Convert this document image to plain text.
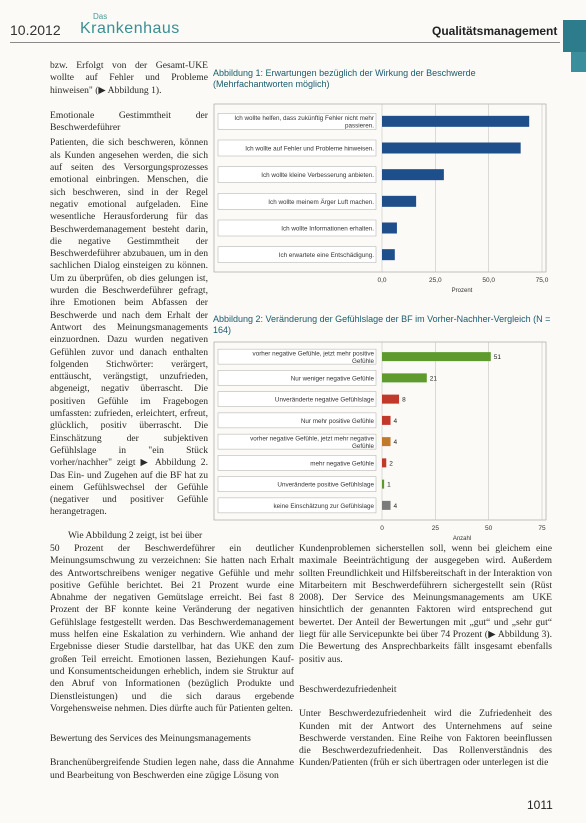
10.2012
Das
Krankenhaus	Qualitätsmanagement

bzw. Erfolgt von der Gesamt-UKE wollte auf Fehler und Probleme hinweisen" (▶ Abbildung 1).

Emotionale Gestimmtheit der Beschwerdeführer

Patienten, die sich beschweren, können als Kunden angesehen werden, die sich auf seiten des Versorgungsprozesses emotional einbringen. Menschen, die sich beschweren, sind in der Regel negativ emotional aufgeladen. Eine wesentliche Herausforderung für das Beschwerdemanagement besteht darin, die negative Gestimmtheit der Beschwerdeführer abzubauen, um in den sachlichen Dialog einsteigen zu können. Um zu überprüfen, ob dies gelungen ist, wurden die Beschwerdeführer gefragt, ihre Emotionen beim Abfassen der Beschwerde und nach dem Erhalt der Antwort des Meinungsmanagements einzuordnen. Dazu wurden negativen Gefühlen zuvor und danach enthalten folgenden Stichwörter: verärgert, enttäuscht, verängstigt, unzufrieden, abgeneigt, negativ überrascht. Die positiven Gefühle im Fragebogen umfassten: zufrieden, erleichtert, erfreut, glücklich, positiv überrascht. Die Einschätzung der subjektiven Gefühlslage in "ein Stück vorher/nachher" zeigt ▶ Abbildung 2. Das Ein- und Zugehen auf die BF hat zu einem Gefühlswechsel der Gefühle (negativer und positiver Gefühle herangetragen.

Abbildung 1: Erwartungen bezüglich der Wirkung der Beschwerde (Mehrfachantworten möglich)
0,0	25,0	50,0	75,0
Prozent
Ich wollte helfen, dass zukünftig Fehler nicht mehr passieren.
Ich wollte auf Fehler und Probleme hinweisen.
Ich wollte kleine Verbesserung anbieten.
Ich wollte meinem Ärger Luft machen.
Ich wollte Informationen erhalten.
Ich erwartete eine Entschädigung.
Abbildung 2: Veränderung der Gefühlslage der BF im Vorher-Nachher-Vergleich (N = 164)
0	25	50	75
Anzahl
vorher negative Gefühle, jetzt mehr positive Gefühle
51
Nur weniger negative Gefühle	21
Unveränderte negative Gefühlslage	8
Nur mehr positive Gefühle	4
vorher negative Gefühle, jetzt mehr negative Gefühle
4
mehr negative Gefühle 2
Unveränderte positive Gefühlslage 1
keine Einschätzung zur Gefühlslage	4
Wie Abbildung 2 zeigt, ist bei über

50 Prozent der Beschwerdeführer ein deutlicher Meinungsumschwung zu verzeichnen: Sie hatten nach Erhalt des Antwortschreibens weniger negative Gefühle und mehr positive Gefühle berichtet. Bei 21 Prozent wurde eine Abnahme der negativen Gemütslage erreicht. Bei fast 8 Prozent der BF konnte keine Veränderung der negativen Gefühlslage festgestellt werden. Das Beschwerdemanagement muss helfen eine Eskalation zu verhindern. Wie anhand der Ergebnisse dieser Studie darstellbar, hat das UKE den zum großen Teil erreicht. Emotionen lassen, Beziehungen Kauf- und Konsumentscheidungen erheblich, indem sie Struktur auf den Abruf von Informationen (bezüglich Produkte und Dienstleistungen) und die sich daraus ergebende Vorgehensweise nehmen. Dies dürfte auch für Patienten gelten.

Bewertung des Services des Meinungsmanagements

Branchenübergreifende Studien legen nahe, dass die Annahme und Bearbeitung von Beschwerden eine zügige Lösung von

Kundenproblemen sicherstellen soll, wenn bei gleichem eine maximale Beeinträchtigung der ausgegeben wird. Außerdem sollten Freundlichkeit und Hilfsbereitschaft in der Interaktion von Mitarbeitern mit Beschwerdeführern sichergestellt sein (Rüst 2008). Der Service des Meinungsmanagements am UKE hinsichtlich der genannten Faktoren wird entsprechend gut bewertet. Der Anteil der Bewertungen mit „gut“ und „sehr gut“ liegt für alle Servicepunkte bei über 74 Prozent (▶ Abbildung 3). Die Bewertung des Ansprechbarkeits fällt insgesamt ebenfalls positiv aus.

Beschwerdezufriedenheit

Unter Beschwerdezufriedenheit wird die Zufriedenheit des Kunden mit der Antwort des Unternehmens auf seine Beschwerde verstanden. Eine Reihe von Faktoren beeinflussen die Beschwerdezufriedenheit. Das Rollenverständnis des Kunden/Patienten (früh er sich übertragen oder unterlegen ist die

1011
